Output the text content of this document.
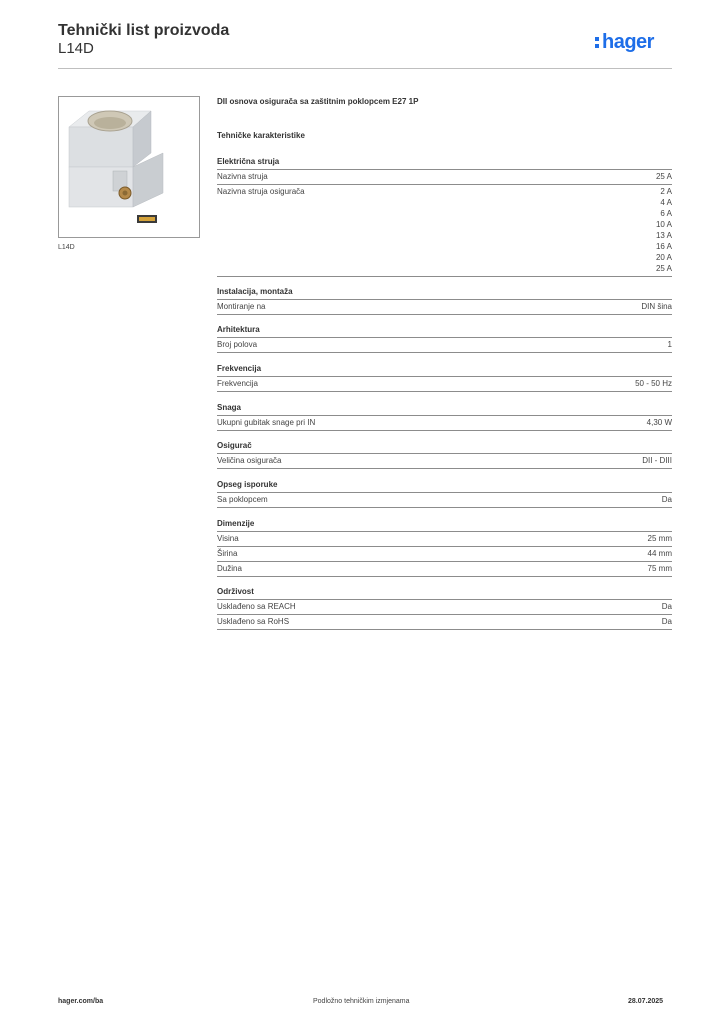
Tehnički list proizvoda
L14D	hager
L14D
DII osnova osigurača sa zaštitnim poklopcem E27 1P
Tehničke karakteristike
Električna struja
Nazivna struja	25 A
Nazivna struja osigurača	2 A
4 A
6 A
10 A
13 A
16 A
20 A
25 A
Instalacija, montaža
Montiranje na	DIN šina
Arhitektura
Broj polova	1
Frekvencija
Frekvencija	50 - 50 Hz
Snaga
Ukupni gubitak snage pri IN	4,30 W
Osigurač
Veličina osigurača	DII - DIII
Opseg isporuke
Sa poklopcem	Da
Dimenzije
Visina	25 mm
Širina	44 mm
Dužina	75 mm
Održivost
Usklađeno sa REACH	Da
Usklađeno sa RoHS	Da
hager.com/ba	Podložno tehničkim izmjenama	28.07.2025
